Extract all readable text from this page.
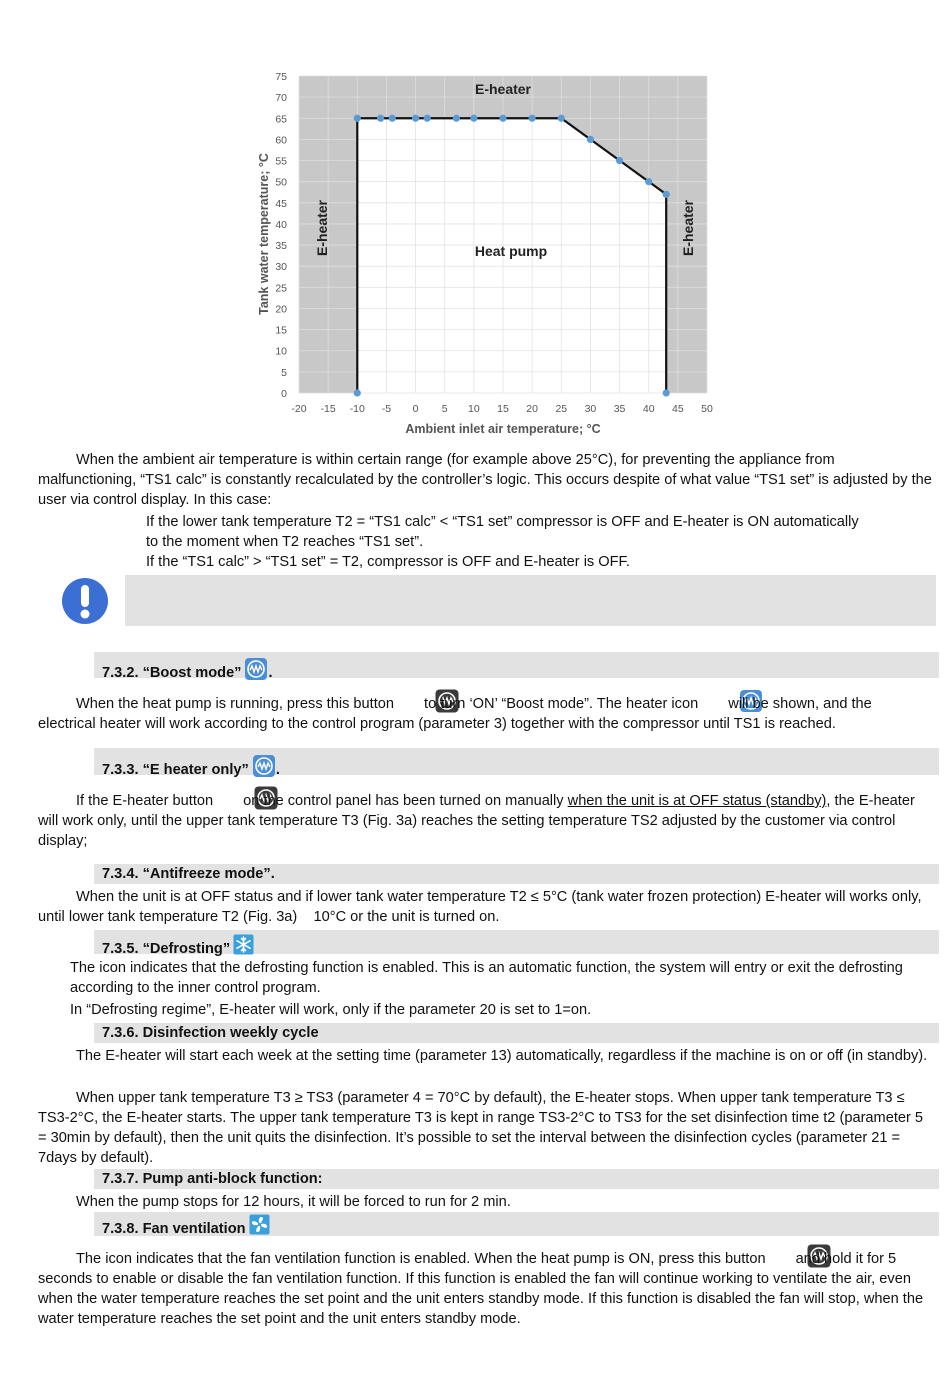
-20 -15 -10 -5 0 5 10 15 20 25 30 35 40 45 50
75
70
65
60
55
50
45
40
35
30
25
20
15
10
5
0
E-heater
E-heater	E-heater
Heat pump
Ambient inlet air temperature; °C
Tank water temperature; °C

When the ambient air temperature is within certain range (for example above 25°C), for preventing the appliance from malfunctioning, “TS1 calc” is constantly recalculated by the controller’s logic. This occurs despite of what value “TS1 set” is adjusted by the user via control display. In this case:

If the lower tank temperature T2 = “TS1 calc” < “TS1 set” compressor is OFF and E-heater is ON automatically to the moment when T2 reaches “TS1 set”.

If the “TS1 calc” > “TS1 set” = T2, compressor is OFF and E-heater is OFF.

7.3.2. “Boost mode” .

When the heat pump is running, press this button to turn ‘ON’ “Boost mode”. The heater icon will be shown, and the electrical heater will work according to the control program (parameter 3) together with the compressor until TS1 is reached.

7.3.3. “E heater only” .

If the E-heater button on the control panel has been turned on manually when the unit is at OFF status (standby), the E-heater will work only, until the upper tank temperature T3 (Fig. 3a) reaches the setting temperature TS2 adjusted by the customer via control display;

7.3.4. “Antifreeze mode”.

When the unit is at OFF status and if lower tank water temperature T2 ≤ 5°C (tank water frozen protection) E-heater will works only, until lower tank temperature T2 (Fig. 3a)    10°C or the unit is turned on.

7.3.5. “Defrosting”

The icon indicates that the defrosting function is enabled. This is an automatic function, the system will entry or exit the defrosting according to the inner control program.

In “Defrosting regime”, E-heater will work, only if the parameter 20 is set to 1=on.

7.3.6. Disinfection weekly cycle

The E-heater will start each week at the setting time (parameter 13) automatically, regardless if the machine is on or off (in standby).

When upper tank temperature T3 ≥ TS3 (parameter 4 = 70°C by default), the E-heater stops. When upper tank temperature T3 ≤ TS3-2°C, the E-heater starts. The upper tank temperature T3 is kept in range TS3-2°C to TS3 for the set disinfection time t2 (parameter 5 = 30min by default), then the unit quits the disinfection. It’s possible to set the interval between the disinfection cycles (parameter 21 = 7days by default).

7.3.7. Pump anti-block function:

When the pump stops for 12 hours, it will be forced to run for 2 min.

7.3.8. Fan ventilation

The icon indicates that the fan ventilation function is enabled. When the heat pump is ON, press this button and hold it for 5 seconds to enable or disable the fan ventilation function. If this function is enabled the fan will continue working to ventilate the air, even when the water temperature reaches the set point and the unit enters standby mode. If this function is disabled the fan will stop, when the water temperature reaches the set point and the unit enters standby mode.
